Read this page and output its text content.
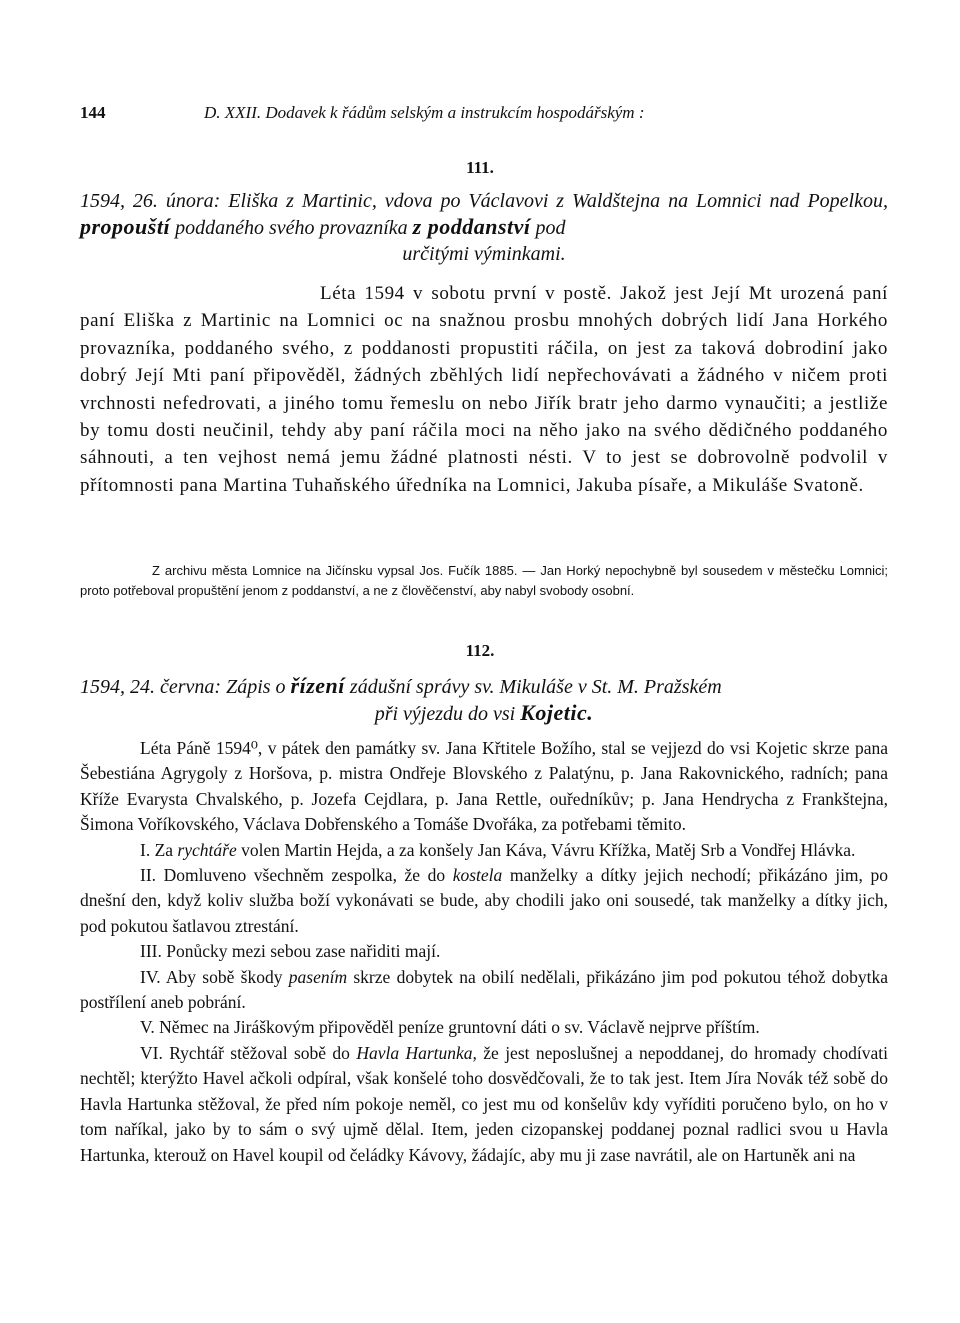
144	D. XXII. Dodavek k řádům selským a instrukcím hospodářským :
111.
1594, 26. února: Eliška z Martinic, vdova po Václavovi z Waldštejna na Lomnici nad Popelkou, propouští poddaného svého provazníka z poddanství pod
určitými výminkami.

Léta 1594 v sobotu první v postě. Jakož jest Její Mt urozená paní paní Eliška z Martinic na Lomnici oc na snažnou prosbu mnohých dobrých lidí Jana Horkého provazníka, poddaného svého, z poddanosti propustiti ráčila, on jest za taková dobrodiní jako dobrý Její Mti paní připověděl, žádných zběhlých lidí nepřechovávati a žádného v ničem proti vrchnosti nefedrovati, a jiného tomu řemeslu on nebo Jiřík bratr jeho darmo vynaučiti; a jestliže by tomu dosti neučinil, tehdy aby paní ráčila moci na něho jako na svého dědičného poddaného sáhnouti, a ten vejhost nemá jemu žádné platnosti nésti. V to jest se dobrovolně podvolil v přítomnosti pana Martina Tuhaňského úředníka na Lomnici, Jakuba písaře, a Mikuláše Svatoně.

Z archivu města Lomnice na Jičínsku vypsal Jos. Fučík 1885. — Jan Horký nepochybně byl sousedem v městečku Lomnici; proto potřeboval propuštění jenom z poddanství, a ne z člověčenství, aby nabyl svobody osobní.

112.
1594, 24. června: Zápis o řízení zádušní správy sv. Mikuláše v St. M. Pražském
při výjezdu do vsi Kojetic.

Léta Páně 1594⁰, v pátek den památky sv. Jana Křtitele Božího, stal se vejjezd do vsi Kojetic skrze pana Šebestiána Agrygoly z Horšova, p. mistra Ondřeje Blovského z Palatýnu, p. Jana Rakovnického, radních; pana Kříže Evarysta Chvalského, p. Jozefa Cejdlara, p. Jana Rettle, ouředníkův; p. Jana Hendrycha z Frankštejna, Šimona Voříkovského, Václava Dobřenského a Tomáše Dvořáka, za potřebami těmito.

I. Za rychtáře volen Martin Hejda, a za konšely Jan Káva, Vávru Křížka, Matěj Srb a Vondřej Hlávka.

II. Domluveno všechněm zespolka, že do kostela manželky a dítky jejich nechodí; přikázáno jim, po dnešní den, když koliv služba boží vykonávati se bude, aby chodili jako oni sousedé, tak manželky a dítky jich, pod pokutou šatlavou ztrestání.

III. Ponůcky mezi sebou zase nařiditi mají.

IV. Aby sobě škody pasením skrze dobytek na obilí nedělali, přikázáno jim pod pokutou téhož dobytka postřílení aneb pobrání.

V. Němec na Jiráškovým připověděl peníze gruntovní dáti o sv. Václavě nejprve příštím.

VI. Rychtář stěžoval sobě do Havla Hartunka, že jest neposlušnej a nepoddanej, do hromady chodívati nechtěl; kterýžto Havel ačkoli odpíral, však konšelé toho dosvědčovali, že to tak jest. Item Jíra Novák též sobě do Havla Hartunka stěžoval, že před ním pokoje neměl, co jest mu od konšelův kdy vyříditi poručeno bylo, on ho v tom naříkal, jako by to sám o svý ujmě dělal. Item, jeden cizopanskej poddanej poznal radlici svou u Havla Hartunka, kterouž on Havel koupil od čeládky Kávovy, žádajíc, aby mu ji zase navrátil, ale on Hartuněk ani na
